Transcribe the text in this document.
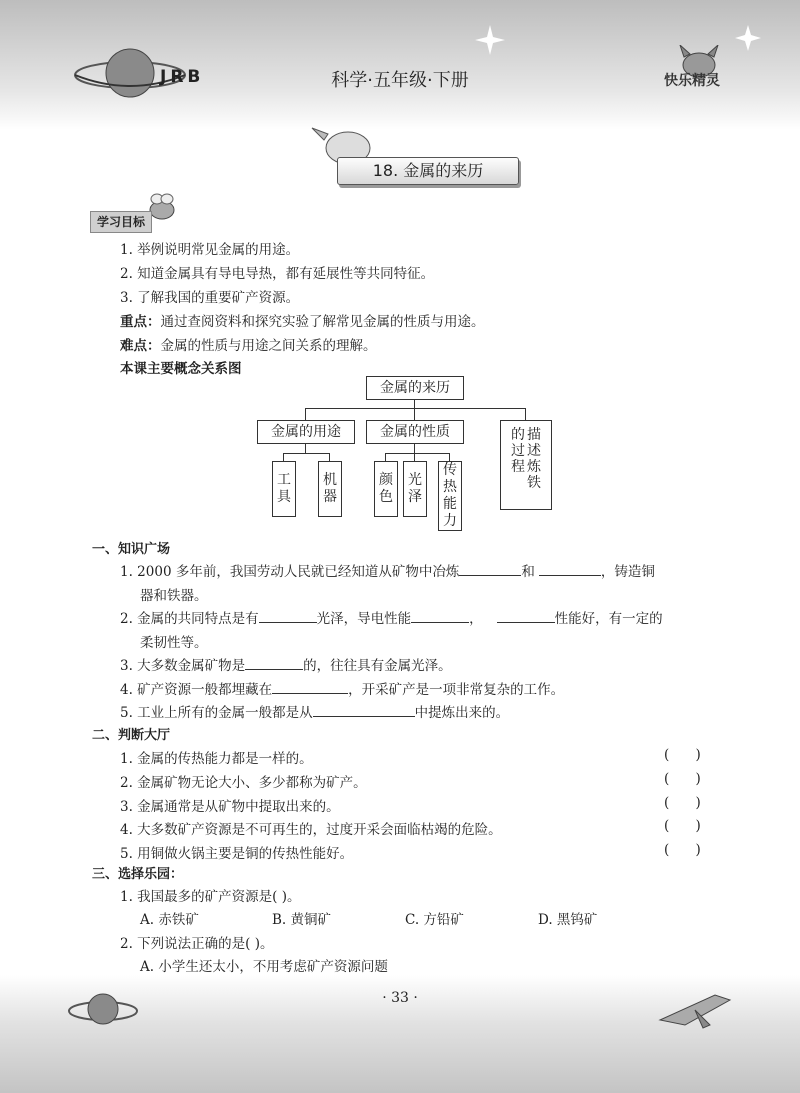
JRB	科学·五年级·下册	快乐精灵
18. 金属的来历
学习目标
1. 举例说明常见金属的用途。
2. 知道金属具有导电导热，都有延展性等共同特征。
3. 了解我国的重要矿产资源。
重点：通过查阅资料和探究实验了解常见金属的性质与用途。
难点：金属的性质与用途之间关系的理解。
本课主要概念关系图
金属的来历
金属的用途	金属的性质	描
述
炼
铁
的
过
程
工
具
机
器
颜
色
光
泽
传
热
能
力
一、知识广场
1. 2000 多年前，我国劳动人民就已经知道从矿物中冶炼	和	，铸造铜
器和铁器。
2. 金属的共同特点是有	光泽，导电性能	，	性能好，有一定的
柔韧性等。
3. 大多数金属矿物是	的，往往具有金属光泽。
4. 矿产资源一般都埋藏在	，开采矿产是一项非常复杂的工作。
5. 工业上所有的金属一般都是从	中提炼出来的。
二、判断大厅
1. 金属的传热能力都是一样的。	( )
2. 金属矿物无论大小、多少都称为矿产。	( )
3. 金属通常是从矿物中提取出来的。	( )
4. 大多数矿产资源是不可再生的，过度开采会面临枯竭的危险。	( )
5. 用铜做火锅主要是铜的传热性能好。	( )
三、选择乐园：
1. 我国最多的矿产资源是( )。
A. 赤铁矿	B. 黄铜矿	C. 方铅矿	D. 黑钨矿
2. 下列说法正确的是( )。
A. 小学生还太小，不用考虑矿产资源问题
· 33 ·
